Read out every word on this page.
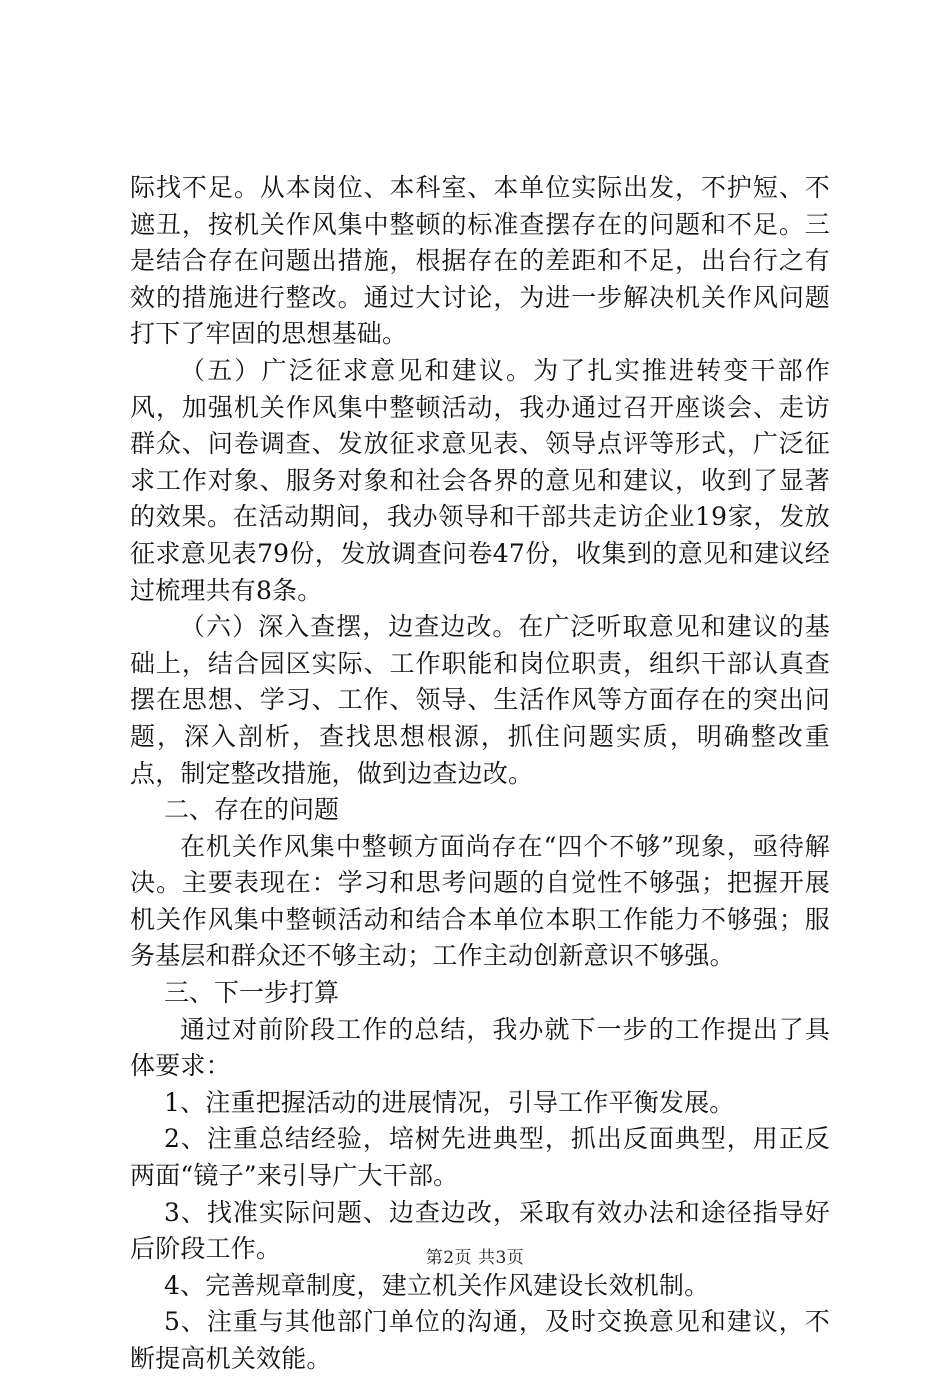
际找不足。从本岗位、本科室、本单位实际出发，不护短、不遮丑，按机关作风集中整顿的标准查摆存在的问题和不足。三是结合存在问题出措施，根据存在的差距和不足，出台行之有效的措施进行整改。通过大讨论，为进一步解决机关作风问题打下了牢固的思想基础。

（五）广泛征求意见和建议。为了扎实推进转变干部作风，加强机关作风集中整顿活动，我办通过召开座谈会、走访群众、问卷调查、发放征求意见表、领导点评等形式，广泛征求工作对象、服务对象和社会各界的意见和建议，收到了显著的效果。在活动期间，我办领导和干部共走访企业19家，发放征求意见表79份，发放调查问卷47份，收集到的意见和建议经过梳理共有8条。

（六）深入查摆，边查边改。在广泛听取意见和建议的基础上，结合园区实际、工作职能和岗位职责，组织干部认真查摆在思想、学习、工作、领导、生活作风等方面存在的突出问题，深入剖析，查找思想根源，抓住问题实质，明确整改重点，制定整改措施，做到边查边改。

二、存在的问题

在机关作风集中整顿方面尚存在“四个不够”现象，亟待解决。主要表现在：学习和思考问题的自觉性不够强；把握开展机关作风集中整顿活动和结合本单位本职工作能力不够强；服务基层和群众还不够主动；工作主动创新意识不够强。

三、下一步打算

通过对前阶段工作的总结，我办就下一步的工作提出了具体要求：

1、注重把握活动的进展情况，引导工作平衡发展。

2、注重总结经验，培树先进典型，抓出反面典型，用正反两面“镜子”来引导广大干部。

3、找准实际问题、边查边改，采取有效办法和途径指导好后阶段工作。

4、完善规章制度，建立机关作风建设长效机制。

5、注重与其他部门单位的沟通，及时交换意见和建议，不断提高机关效能。

第2页 共3页
